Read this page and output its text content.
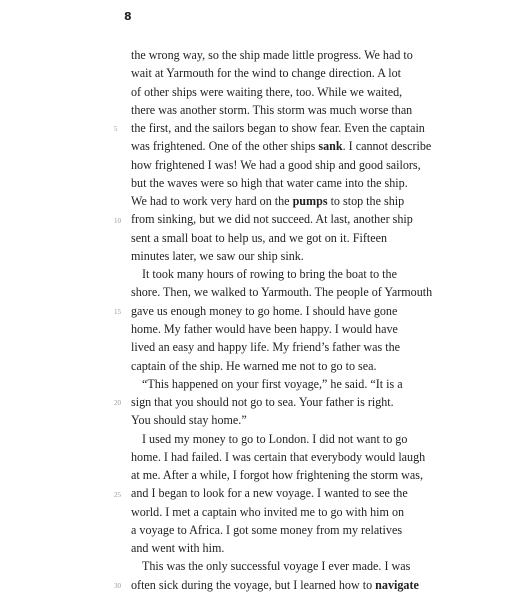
8
the wrong way, so the ship made little progress. We had to
wait at Yarmouth for the wind to change direction. A lot
of other ships were waiting there, too. While we waited,
there was another storm. This storm was much worse than
the first, and the sailors began to show fear. Even the captain
was frightened. One of the other ships sank. I cannot describe
how frightened I was! We had a good ship and good sailors,
but the waves were so high that water came into the ship.
We had to work very hard on the pumps to stop the ship
from sinking, but we did not succeed. At last, another ship
sent a small boat to help us, and we got on it. Fifteen
minutes later, we saw our ship sink.
It took many hours of rowing to bring the boat to the
shore. Then, we walked to Yarmouth. The people of Yarmouth
gave us enough money to go home. I should have gone
home. My father would have been happy. I would have
lived an easy and happy life. My friend’s father was the
captain of the ship. He warned me not to go to sea.
“This happened on your first voyage,” he said. “It is a
sign that you should not go to sea. Your father is right.
You should stay home.”
I used my money to go to London. I did not want to go
home. I had failed. I was certain that everybody would laugh
at me. After a while, I forgot how frightening the storm was,
and I began to look for a new voyage. I wanted to see the
world. I met a captain who invited me to go with him on
a voyage to Africa. I got some money from my relatives
and went with him.
This was the only successful voyage I ever made. I was
often sick during the voyage, but I learned how to navigate
5
10
15
20
25
30
